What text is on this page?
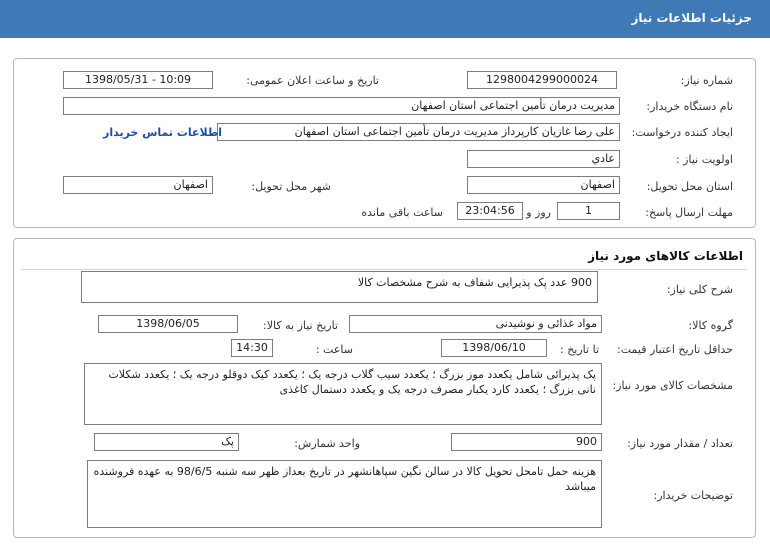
جزئیات اطلاعات نیاز
شماره نیاز:
1298004299000024
تاریخ و ساعت اعلان عمومی:
1398/05/31 - 10:09
نام دستگاه خریدار:
مدیریت درمان تأمین اجتماعی استان اصفهان
ایجاد کننده درخواست:
علی رضا غازیان کارپرداز مدیریت درمان تأمین اجتماعی استان اصفهان
اطلاعات تماس خریدار
اولویت نیاز :
عادي
استان محل تحویل:
اصفهان
شهر محل تحویل:
اصفهان
مهلت ارسال پاسخ:
1
روز و
23:04:56
ساعت باقی مانده
اطلاعات کالاهای مورد نیاز
شرح کلی نیاز:
900 عدد پک پذیرایی شفاف به شرح مشخصات کالا
گروه کالا:
مواد غذائی و نوشیدنی
تاریخ نیاز به کالا:
1398/06/05
حداقل تاریخ اعتبار قیمت:
تا تاریخ :
1398/06/10
ساعت :
14:30
مشخصات کالای مورد نیاز:
پک پذیرائی شامل یکعدد موز بزرگ ؛ یکعدد سیب گلاب درجه یک ؛ یکعدد کیک دوقلو درجه یک ؛ یکعدد شکلات نانی بزرگ ؛ یکعدد کارد یکبار مصرف درجه یک و یکعدد دستمال کاغذی
تعداد / مقدار مورد نیاز:
900
واحد شمارش:
پک
توضیحات خریدار:
هزینه حمل تامحل تحویل کالا در سالن نگین سپاهانشهر در تاریخ بعداز ظهر سه شنبه 98/6/5 به عهده فروشنده میباشد
